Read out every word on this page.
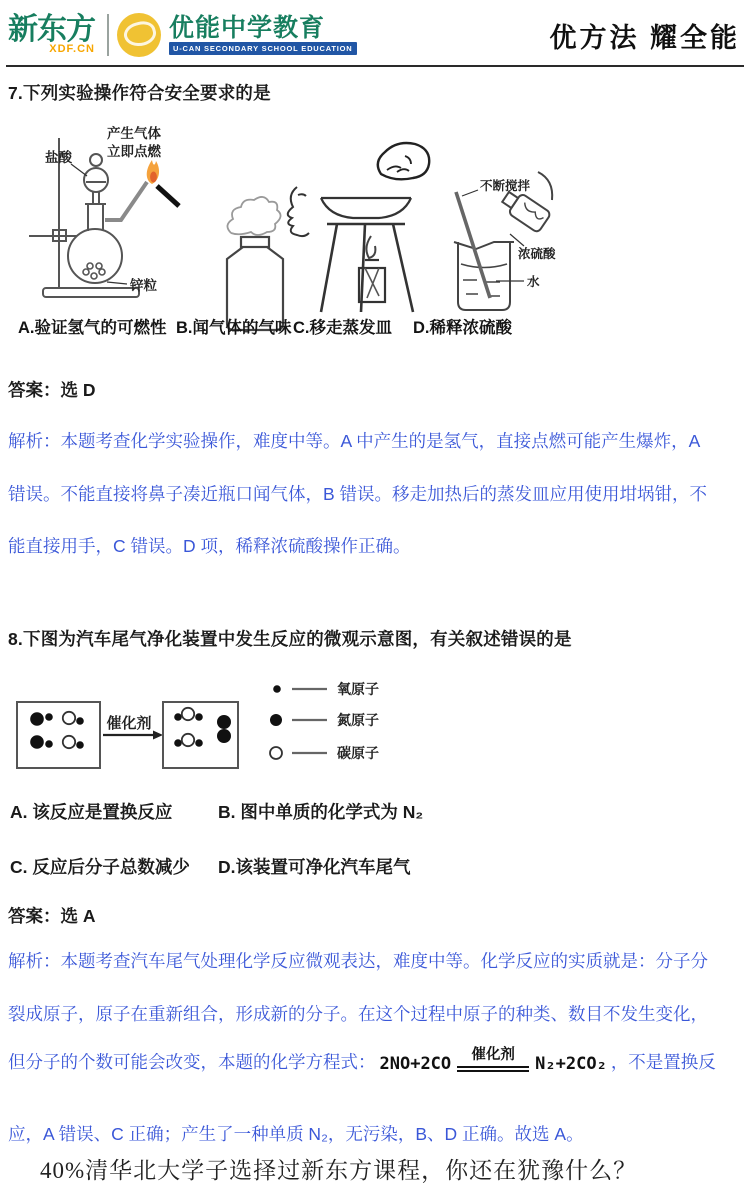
新东方
XDF.CN
优能中学教育
U-CAN SECONDARY SCHOOL EDUCATION	优方法 耀全能
7.下列实验操作符合安全要求的是
产生气体
立即点燃
盐酸
锌粒
不断搅拌
浓硫酸
水
A.验证氢气的可燃性 B.闻气体的气味 C.移走蒸发皿 D.稀释浓硫酸
答案：选 D
解析：本题考查化学实验操作，难度中等。A 中产生的是氢气，直接点燃可能产生爆炸，A
错误。不能直接将鼻子凑近瓶口闻气体，B 错误。移走加热后的蒸发皿应用使用坩埚钳，不
能直接用手，C 错误。D 项，稀释浓硫酸操作正确。
8.下图为汽车尾气净化装置中发生反应的微观示意图，有关叙述错误的是
催化剂
氧原子
氮原子
碳原子
A. 该反应是置换反应	B. 图中单质的化学式为 N₂
C. 反应后分子总数减少 D.该装置可净化汽车尾气
答案：选 A
解析：本题考查汽车尾气处理化学反应微观表达，难度中等。化学反应的实质就是：分子分
裂成原子，原子在重新组合，形成新的分子。在这个过程中原子的种类、数目不发生变化，
但分子的个数可能会改变，本题的化学方程式： 2NO+2CO 催化剂 N₂+2CO₂ ，不是置换反
应，A 错误、C 正确；产生了一种单质 N₂，无污染，B、D 正确。故选 A。
40%清华北大学子选择过新东方课程，你还在犹豫什么？
